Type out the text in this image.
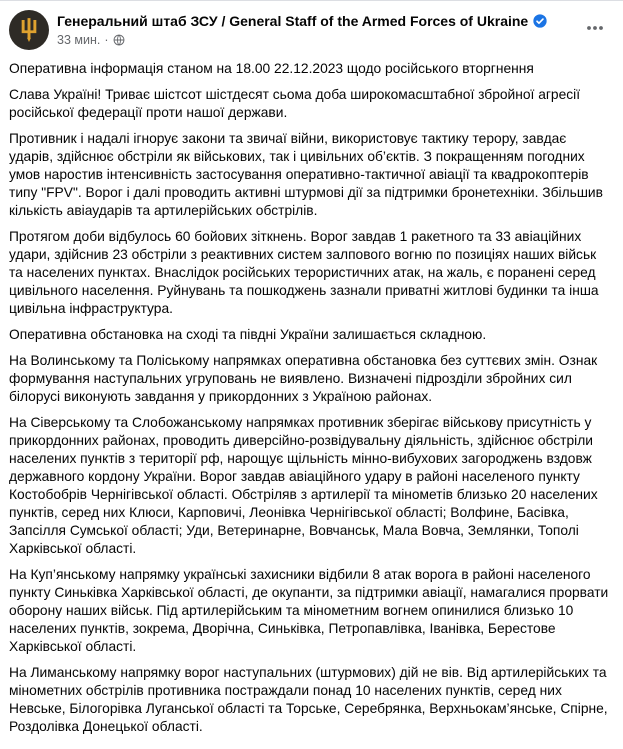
Генеральний штаб ЗСУ / General Staff of the Armed Forces of Ukraine
33 мин. ·

Оперативна інформація станом на 18.00 22.12.2023 щодо російського вторгнення

Слава Україні! Триває шістсот шістдесят сьома доба широкомасштабної збройної агресії російської федерації проти нашої держави.

Противник і надалі ігнорує закони та звичаї війни, використовує тактику терору, завдає ударів, здійснює обстріли як військових, так і цивільних об’єктів. З покращенням погодних умов наростив інтенсивність застосування оперативно-тактичної авіації та квадрокоптерів типу "FPV". Ворог і далі проводить активні штурмові дії за підтримки бронетехніки. Збільшив кількість авіаударів та артилерійських обстрілів.

Протягом доби відбулось 60 бойових зіткнень. Ворог завдав 1 ракетного та 33 авіаційних удари, здійснив 23 обстріли з реактивних систем залпового вогню по позиціях наших військ та населених пунктах. Внаслідок російських терористичних атак, на жаль, є поранені серед цивільного населення. Руйнувань та пошкоджень зазнали приватні житлові будинки та інша цивільна інфраструктура.

Оперативна обстановка на сході та півдні України залишається складною.

На Волинському та Поліському напрямках оперативна обстановка без суттєвих змін. Ознак формування наступальних угруповань не виявлено. Визначені підрозділи збройних сил білорусі виконують завдання у прикордонних з Україною районах.

На Сіверському та Слобожанському напрямках противник зберігає військову присутність у прикордонних районах, проводить диверсійно-розвідувальну діяльність, здійснює обстріли населених пунктів з території рф, нарощує щільність мінно-вибухових загороджень вздовж державного кордону України. Ворог завдав авіаційного удару в районі населеного пункту Костобобрів Чернігівської області. Обстріляв з артилерії та мінометів близько 20 населених пунктів, серед них Клюси, Карповичі, Леонівка Чернігівської області; Волфине, Басівка, Запсілля Сумської області; Уди, Ветеринарне, Вовчанськ, Мала Вовча, Землянки, Тополі Харківської області.

На Куп’янському напрямку українські захисники відбили 8 атак ворога в районі населеного пункту Синьківка Харківської області, де окупанти, за підтримки авіації, намагалися прорвати оборону наших військ. Під артилерійським та мінометним вогнем опинилися близько 10 населених пунктів, зокрема, Дворічна, Синьківка, Петропавлівка, Іванівка, Берестове Харківської області.

На Лиманському напрямку ворог наступальних (штурмових) дій не вів. Від артилерійських та мінометних обстрілів противника постраждали понад 10 населених пунктів, серед них Невське, Білогорівка Луганської області та Торське, Серебрянка, Верхньокам’янське, Спірне, Роздолівка Донецької області.
